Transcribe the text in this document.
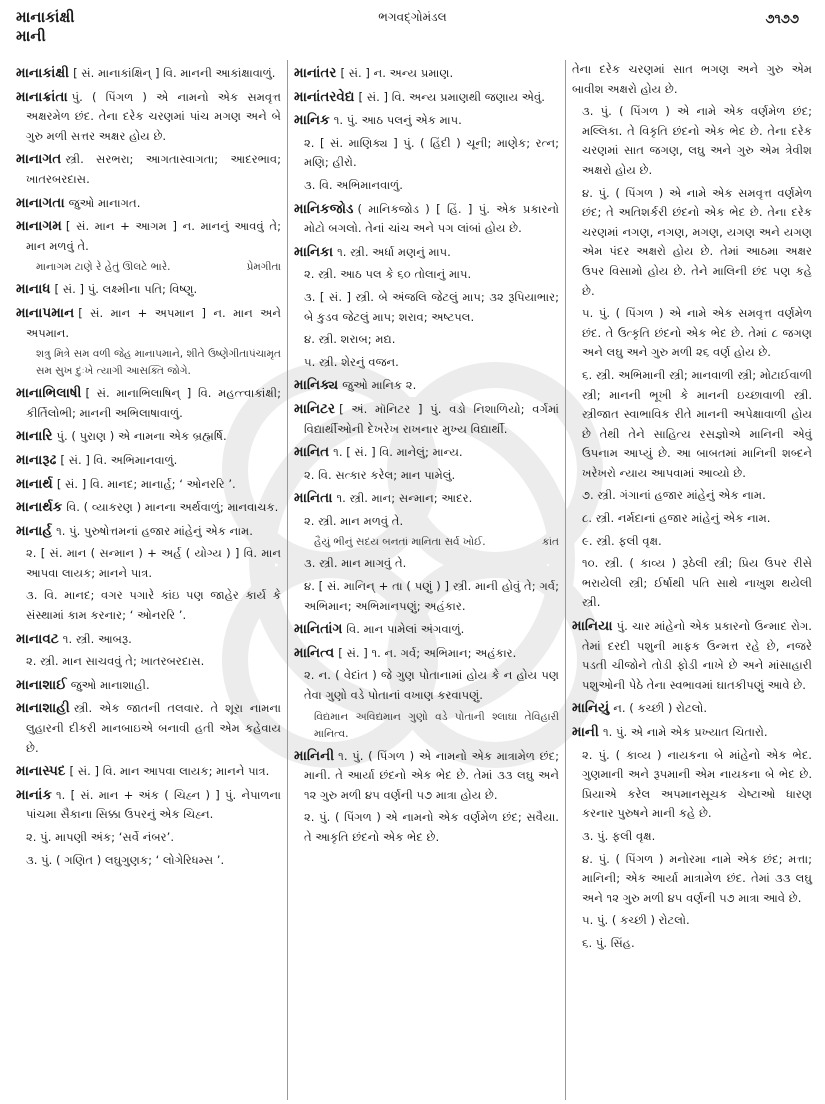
માનાકાંક્ષી
માની
ભગવદ્ગોમંડલ	૭૧૭૭

માનાકાંક્ષી [ સં. માનાકાંક્ષિન્ ] વિ. માનની આકાંક્ષાવાળું.

માનાક્રાંતા પું. ( પિંગળ ) એ નામનો એક સમવૃત્ત અક્ષરમેળ છંદ. તેના દરેક ચરણમાં પાંચ મગણ અને બે ગુરુ મળી સત્તર અક્ષર હોય છે.

માનાગત સ્ત્રી. સરભરા; આગતાસ્વાગતા; આદરભાવ; ખાતરબરદાસ.

માનાગતા જુઓ માનાગત.

માનાગમ [ સં. માન + આગમ ] ન. માનનું આવવું તે; માન મળવું તે.

પ્રેમગીતા
માનાગમ ટાણે રે હેતું ઊલટે ભારે.

માનાધ [ સં. ] પું. લક્ષ્મીના પતિ; વિષ્ણુ.

માનાપમાન [ સં. માન + અપમાન ] ન. માન અને અપમાન.

ગીતાપંચામૃત
શત્રુ મિત્રે સમ વળી જેહ માનાપમાને, શીતે ઉષ્ણે સમ સુખ દુઃખે ત્યાગી આસક્તિ જોગે.

માનાભિલાષી [ સં. માનાભિલાષિન્ ] વિ. મહત્ત્વાકાંક્ષી; કીર્તિલોભી; માનની અભિલાષાવાળું.

માનારિ પું. ( પુરાણ ) એ નામના એક બ્રહ્મર્ષિ.

માનારૂઢ [ સં. ] વિ. અભિમાનવાળું.

માનાર્થ [ સં. ] વિ. માનદ; માનાર્હ; ‘ ઓનરરિ ’.

માનાર્થક વિ. ( વ્યાકરણ ) માનના અર્થવાળું; માનવાચક.

માનાર્હ ૧. પું. પુરુષોત્તમનાં હજાર માંહેનું એક નામ.

૨. [ સં. માન ( સન્માન ) + અર્હ ( યોગ્ય ) ] વિ. માન આપવા લાયક; માનને પાત્ર.

૩. વિ. માનદ; વગર પગારે કાંઇ પણ જાહેર કાર્ય કે સંસ્થામાં કામ કરનાર; ‘ ઓનરરિ ’.

માનાવટ ૧. સ્ત્રી. આબરૂ.

૨. સ્ત્રી. માન સાચવવું તે; ખાતરબરદાસ.

માનાશાઈ જુઓ માનાશાહી.

માનાશાહી સ્ત્રી. એક જાતની તલવાર. તે શૂરા નામના લુહારની દીકરી માનબાઇએ બનાવી હતી એમ કહેવાય છે.

માનાસ્પદ [ સં. ] વિ. માન આપવા લાયક; માનને પાત્ર.

માનાંક ૧. [ સં. માન + અંક ( ચિહ્ન ) ] પું. નેપાળના પાંચમા સૈકાના સિક્કા ઉપરનું એક ચિહ્ન.

૨. પું. માપણી અંક; ‘સર્વે નંબર’.

૩. પું. ( ગણિત ) લઘુગુણક; ‘ લોગેરિધમ્સ ’.

માનાંતર [ સં. ] ન. અન્ય પ્રમાણ.

માનાંતરવેદ્ય [ સં. ] વિ. અન્ય પ્રમાણથી જણાય એવું.

માનિક ૧. પું. આઠ પલનું એક માપ.

૨. [ સં. માણિક્ય ] પું. ( હિંદી ) ચૂની; માણેક; રત્ન; મણિ; હીરો.

૩. વિ. અભિમાનવાળું.

માનિકજોડ ( માનિકજોડ ) [ હિં. ] પું. એક પ્રકારનો મોટો બગલો. તેનાં ચાંચ અને પગ લાંબાં હોય છે.

માનિકા ૧. સ્ત્રી. અર્ધા મણનું માપ.

૨. સ્ત્રી. આઠ પલ કે ૬૦ તોલાનું માપ.

૩. [ સં. ] સ્ત્રી. બે અંજલિ જેટલું માપ; ૩૨ રૂપિયાભાર; બે કુડવ જેટલું માપ; શરાવ; અષ્ટપલ.

૪. સ્ત્રી. શરાબ; મદ્ય.

૫. સ્ત્રી. શેરનું વજન.

માનિક્ય જુઓ માનિક ૨.

માનિટર [ અં. મૉનિટર ] પું. વડો નિશાળિયો; વર્ગમાં વિદ્યાર્થીઓની દેખરેખ રાખનાર મુખ્ય વિદ્યાર્થી.

માનિત ૧. [ સં. ] વિ. માનેલું; માન્ય.

૨. વિ. સત્કાર કરેલ; માન પામેલું.

માનિતા ૧. સ્ત્રી. માન; સન્માન; આદર.

૨. સ્ત્રી. માન મળવું તે.

કાંત
હૈયું ભીનું સદય બનતાં માનિતા સર્વ ખોઈ.

૩. સ્ત્રી. માન માગવું તે.

૪. [ સં. માનિન્ + તા ( પણું ) ] સ્ત્રી. માની હોવું તે; ગર્વ; અભિમાન; અભિમાનપણું; અહંકાર.

માનિતાંગ વિ. માન પામેલાં અંગવાળું.

માનિત્વ [ સં. ] ૧. ન. ગર્વ; અભિમાન; અહંકાર.

૨. ન. ( વેદાંત ) જે ગુણ પોતાનામાં હોય કે ન હોય પણ તેવા ગુણો વડે પોતાનાં વખાણ કરવાપણું.

વિહારી
વિદ્યમાન અવિદ્યમાન ગુણો વડે પોતાની શ્લાઘા તે માનિત્વ.

માનિની ૧. પું. ( પિંગળ ) એ નામનો એક માત્રામેળ છંદ; માની. તે આર્યા છંદનો એક ભેદ છે. તેમાં ૩૩ લઘુ અને ૧૨ ગુરુ મળી ૪૫ વર્ણની ૫૭ માત્રા હોય છે.

૨. પું. ( પિંગળ ) એ નામનો એક વર્ણમેળ છંદ; સવૈયા. તે આકૃતિ છંદનો એક ભેદ છે.

તેના દરેક ચરણમાં સાત ભગણ અને ગુરુ એમ બાવીશ અક્ષરો હોય છે.

૩. પું. ( પિંગળ ) એ નામે એક વર્ણમેળ છંદ; મલ્લિકા. તે વિકૃતિ છંદનો એક ભેદ છે. તેના દરેક ચરણમાં સાત જગણ, લઘુ અને ગુરુ એમ ત્રેવીશ અક્ષરો હોય છે.

૪. પું. ( પિંગળ ) એ નામે એક સમવૃત્ત વર્ણમેળ છંદ; તે અતિશર્કરી છંદનો એક ભેદ છે. તેના દરેક ચરણમાં નગણ, નગણ, મગણ, યગણ અને યગણ એમ પંદર અક્ષરો હોય છે. તેમાં આઠમા અક્ષર ઉપર વિસામો હોય છે. તેને માલિની છંદ પણ કહે છે.

૫. પું. ( પિંગળ ) એ નામે એક સમવૃત્ત વર્ણમેળ છંદ. તે ઉત્કૃતિ છંદનો એક ભેદ છે. તેમાં ૮ જગણ અને લઘુ અને ગુરુ મળી ૨૬ વર્ણ હોય છે.

૬. સ્ત્રી. અભિમાની સ્ત્રી; માનવાળી સ્ત્રી; મોટાઈવાળી સ્ત્રી; માનની ભૂખી કે માનની ઇચ્છાવાળી સ્ત્રી. સ્ત્રીજાત સ્વાભાવિક રીતે માનની અપેક્ષાવાળી હોય છે તેથી તેને સાહિત્ય રસજ્ઞોએ માનિની એવું ઉપનામ આપ્યું છે. આ બાબતમાં માનિની શબ્દને ખરેખરો ન્યાય આપવામાં આવ્યો છે.

૭. સ્ત્રી. ગંગાનાં હજાર માંહેનું એક નામ.

૮. સ્ત્રી. નર્મદાનાં હજાર માંહેનું એક નામ.

૯. સ્ત્રી. ફલી વૃક્ષ.

૧૦. સ્ત્રી. ( કાવ્ય ) રૂઠેલી સ્ત્રી; પ્રિય ઉપર રીસે ભરાયેલી સ્ત્રી; ઈર્ષાથી પતિ સાથે નાખુશ થયેલી સ્ત્રી.

માનિયા પું. ચાર માંહેનો એક પ્રકારનો ઉન્માદ રોગ. તેમાં દરદી પશુની માફક ઉન્મત્ત રહે છે, નજરે પડતી ચીજોને તોડી ફોડી નાખે છે અને માંસાહારી પશુઓની પેઠે તેના સ્વભાવમાં ઘાતકીપણું આવે છે.

માનિયું ન. ( કચ્છી ) રોટલો.

માની ૧. પું. એ નામે એક પ્રખ્યાત ચિતારો.

૨. પું. ( કાવ્ય ) નાયકના બે માંહેનો એક ભેદ. ગુણમાની અને રૂપમાની એમ નાયકના બે ભેદ છે. પ્રિયાએ કરેલ અપમાનસૂચક ચેષ્ટાઓ ધારણ કરનાર પુરુષને માની કહે છે.

૩. પું. ફલી વૃક્ષ.

૪. પું. ( પિંગળ ) મનોરમા નામે એક છંદ; મત્તા; માનિની; એક આર્યા માત્રામેળ છંદ. તેમાં ૩૩ લઘુ અને ૧૨ ગુરુ મળી ૪૫ વર્ણની ૫૭ માત્રા આવે છે.

૫. પું. ( કચ્છી ) રોટલો.

૬. પું. સિંહ.
